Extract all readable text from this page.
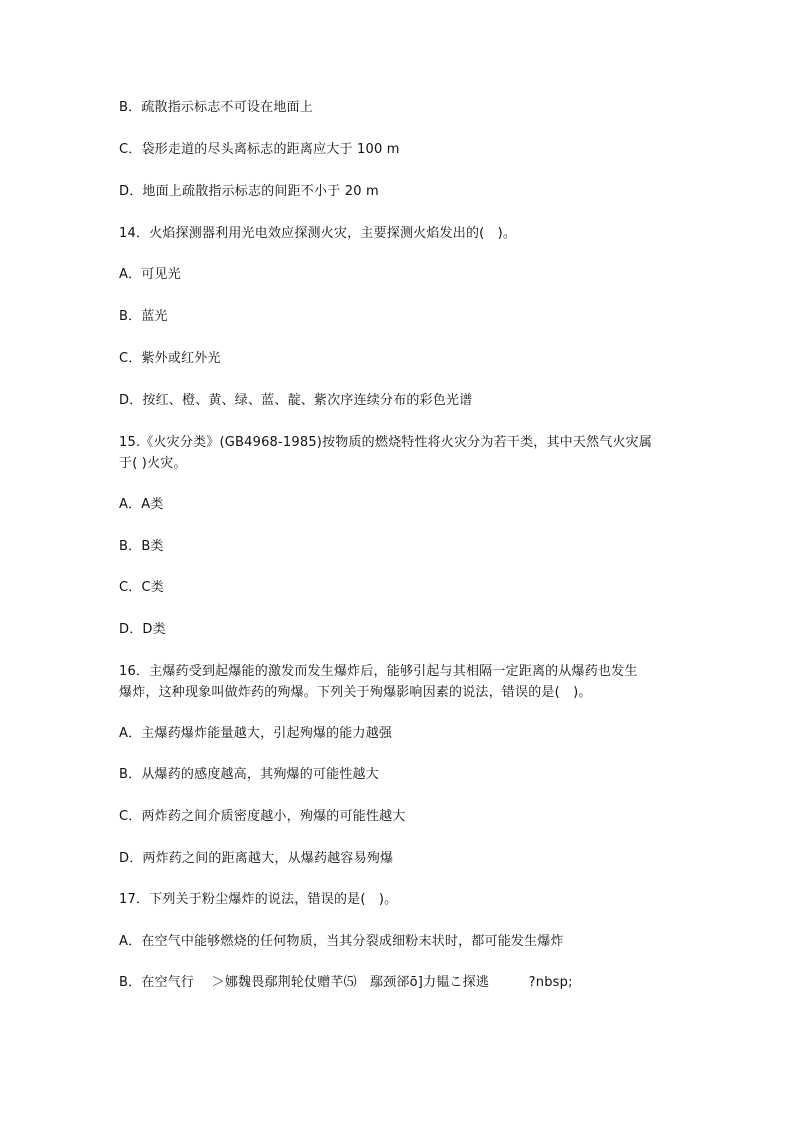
B．疏散指示标志不可设在地面上
C．袋形走道的尽头离标志的距离应大于 100 m
D．地面上疏散指示标志的间距不小于 20 m
14．火焰探测器利用光电效应探测火灾，主要探测火焰发出的(　)。
A．可见光
B．蓝光
C．紫外或红外光
D．按红、橙、黄、绿、蓝、靛、紫次序连续分布的彩色光谱
15.《火灾分类》(GB4968-1985)按物质的燃烧特性将火灾分为若干类，其中天然气火灾属
于( )火灾。
A．A类
B．B类
C．C类
D．D类
16．主爆药受到起爆能的激发而发生爆炸后，能够引起与其相隔一定距离的从爆药也发生
爆炸，这种现象叫做炸药的殉爆。下列关于殉爆影响因素的说法，错误的是(　)。
A．主爆药爆炸能量越大，引起殉爆的能力越强
B．从爆药的感度越高，其殉爆的可能性越大
C．两炸药之间介质密度越小，殉爆的可能性越大
D．两炸药之间的距离越大，从爆药越容易殉爆
17．下列关于粉尘爆炸的说法，错误的是(　)。
A．在空气中能够燃烧的任何物质，当其分裂成细粉末状时，都可能发生爆炸
B．在空气行　 ＞娜魏畏鄢荆轮仗赠芊⑸　鄢颈郤ō]力韫こ探逃　　　?nbsp;
